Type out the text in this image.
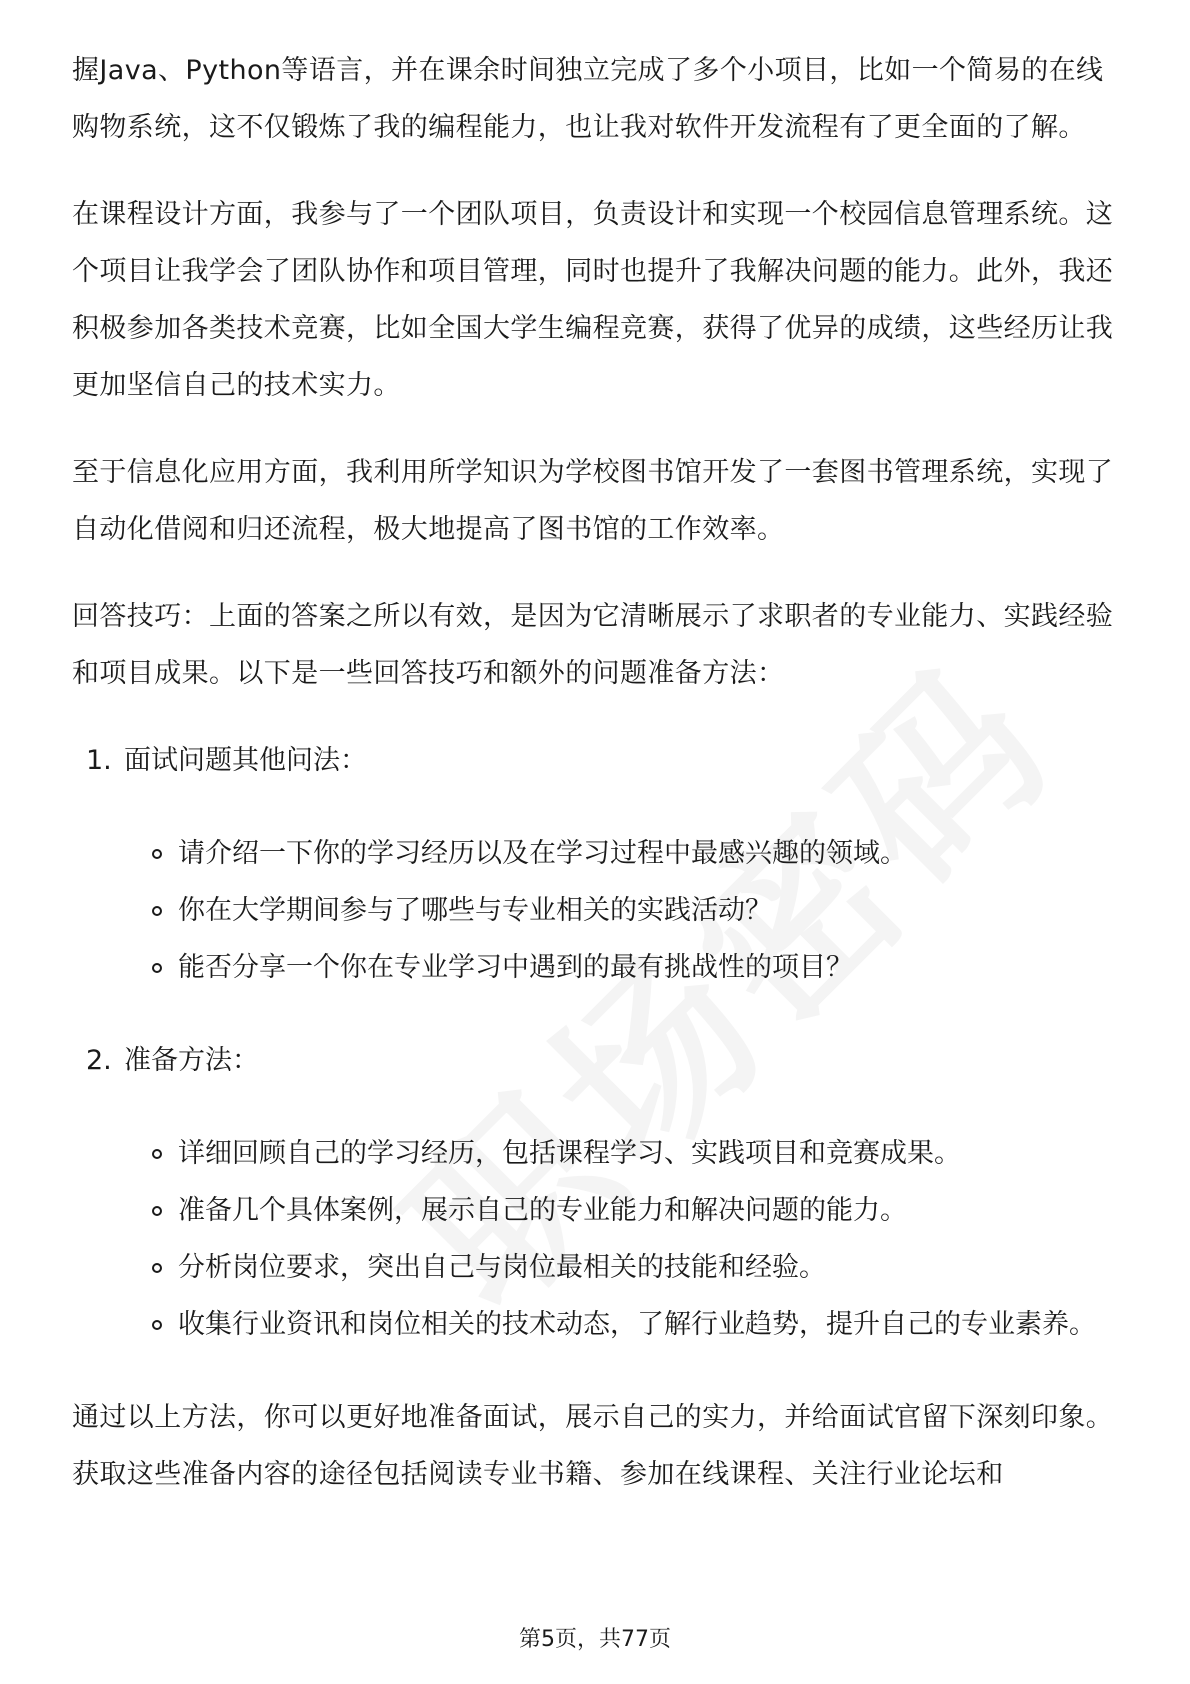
握Java、Python等语言，并在课余时间独立完成了多个小项目，比如一个简易的在线购物系统，这不仅锻炼了我的编程能力，也让我对软件开发流程有了更全面的了解。

在课程设计方面，我参与了一个团队项目，负责设计和实现一个校园信息管理系统。这个项目让我学会了团队协作和项目管理，同时也提升了我解决问题的能力。此外，我还积极参加各类技术竞赛，比如全国大学生编程竞赛，获得了优异的成绩，这些经历让我更加坚信自己的技术实力。

至于信息化应用方面，我利用所学知识为学校图书馆开发了一套图书管理系统，实现了自动化借阅和归还流程，极大地提高了图书馆的工作效率。

回答技巧：上面的答案之所以有效，是因为它清晰展示了求职者的专业能力、实践经验和项目成果。以下是一些回答技巧和额外的问题准备方法：

1. 面试问题其他问法：
请介绍一下你的学习经历以及在学习过程中最感兴趣的领域。
你在大学期间参与了哪些与专业相关的实践活动？
能否分享一个你在专业学习中遇到的最有挑战性的项目？
2. 准备方法：
详细回顾自己的学习经历，包括课程学习、实践项目和竞赛成果。
准备几个具体案例，展示自己的专业能力和解决问题的能力。
分析岗位要求，突出自己与岗位最相关的技能和经验。
收集行业资讯和岗位相关的技术动态，了解行业趋势，提升自己的专业素养。

通过以上方法，你可以更好地准备面试，展示自己的实力，并给面试官留下深刻印象。获取这些准备内容的途径包括阅读专业书籍、参加在线课程、关注行业论坛和

第5页，共77页
